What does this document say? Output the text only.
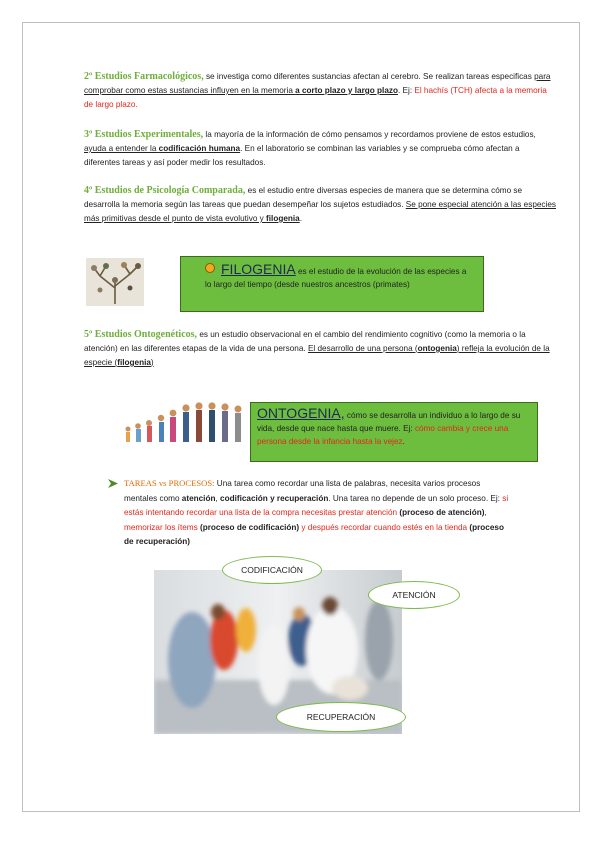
2º Estudios Farmacológicos, se investiga como diferentes sustancias afectan al cerebro. Se realizan tareas especificas para comprobar como estas sustancias influyen en la memoria a corto plazo y largo plazo. Ej: El hachís (TCH) afecta a la memoria de largo plazo.
3º Estudios Experimentales, la mayoría de la información de cómo pensamos y recordamos proviene de estos estudios, ayuda a entender la codificación humana. En el laboratorio se combinan las variables y se comprueba cómo afectan a diferentes tareas y así poder medir los resultados.
4º Estudios de Psicología Comparada, es el estudio entre diversas especies de manera que se determina cómo se desarrolla la memoria según las tareas que puedan desempeñar los sujetos estudiados. Se pone especial atención a las especies más primitivas desde el punto de vista evolutivo y filogenia.
FILOGENIA es el estudio de la evolución de las especies a lo largo del tiempo (desde nuestros ancestros (primates)
5º Estudios Ontogenéticos, es un estudio observacional en el cambio del rendimiento cognitivo (como la memoria o la atención) en las diferentes etapas de la vida de una persona. El desarrollo de una persona (ontogenia) refleja la evolución de la especie (filogenia)
ONTOGENIA, cómo se desarrolla un individuo a lo largo de su vida, desde que nace hasta que muere. Ej: cómo cambia y crece una persona desde la infancia hasta la vejez.
TAREAS vs PROCESOS: Una tarea como recordar una lista de palabras, necesita varios procesos mentales como atención, codificación y recuperación. Una tarea no depende de un solo proceso. Ej: si estás intentando recordar una lista de la compra necesitas prestar atención (proceso de atención), memorizar los ítems (proceso de codificación) y después recordar cuando estés en la tienda (proceso de recuperación)
CODIFICACIÓN
ATENCIÓN
RECUPERACIÓN
